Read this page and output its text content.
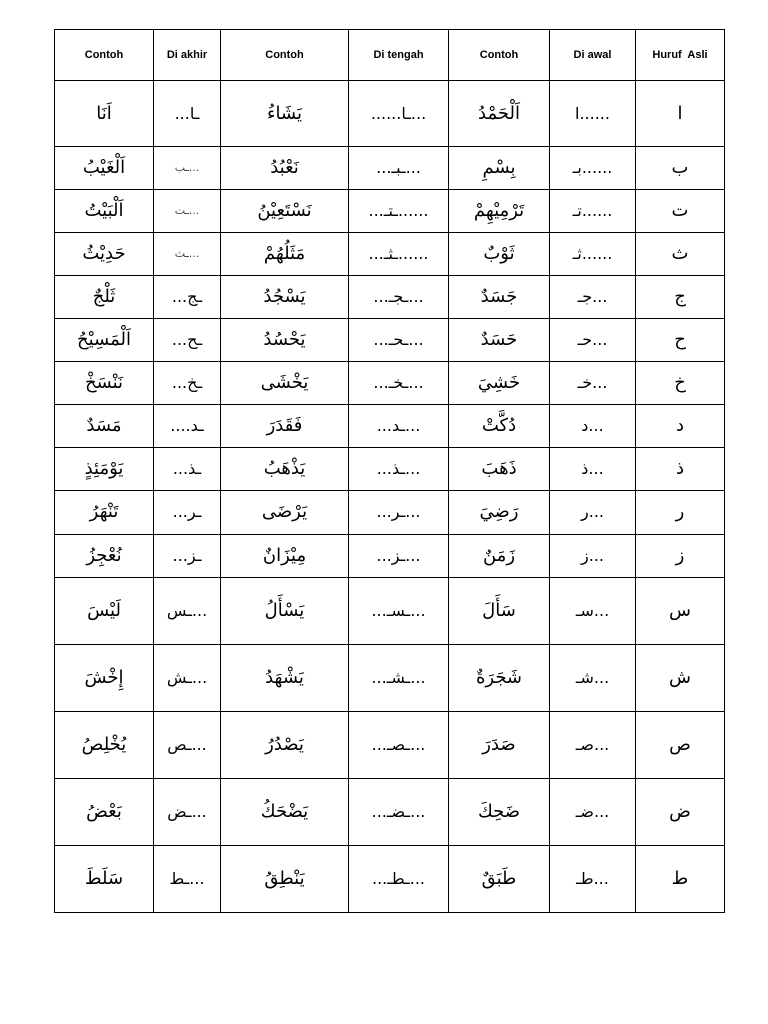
Contoh	Di akhir	Contoh	Di tengah	Contoh	Di awal	Huruf  Asli
اَنَا	ـا...	يَشَاءُ	...ـا......	اَلْحَمْدُ	......ا	ا
اَلْغَيْبُ	...ـب	نَعْبُدُ	...ـبـ...	بِسْمِ	......بـ	ب
اَلْبَيْتُ	...ـت	نَسْتَعِيْنُ	......ـتـ...	تَرْمِيْهِمْ	......تـ	ت
حَدِيْثُ	...ـث	مَثَلُهُمْ	......ـثـ...	ثَوْبٌ	......ثـ	ث
ثَلْجٌ	ـج...	يَسْجُدُ	...ـجـ...	جَسَدٌ	...جـ	ج
اَلْمَسِيْحُ	ـح...	يَحْسُدُ	...ـحـ...	حَسَدٌ	...حـ	ح
نَنْسَخْ	ـخ...	يَخْشَى	...ـخـ...	خَشِيَ	...خـ	خ
مَسَدٌ	ـد....	فَقَدَرَ	...ـد...	دُكَّتْ	...د	د
يَوْمَئِذٍ	ـذ...	يَذْهَبُ	...ـذ...	ذَهَبَ	...ذ	ذ
تَنْهَرُ	ـر...	يَرْضَى	...ـر...	رَضِيَ	...ر	ر
نُعْجِزُ	ـز...	مِيْزَانٌ	...ـز...	زَمَنٌ	...ز	ز
لَيْسَ	...ـس	يَسْأَلُ	...ـسـ...	سَأَلَ	...سـ	س
إِخْشَ	...ـش	يَشْهَدُ	...ـشـ...	شَجَرَةٌ	...شـ	ش
يُخْلِصُ	...ـص	يَصْدُرُ	...ـصـ...	صَدَرَ	...صـ	ص
بَعْضُ	...ـض	يَضْحَكُ	...ـضـ...	ضَحِكَ	...ضـ	ض
سَلَطَ	...ـط	يَنْطِقُ	...ـطـ...	طَبَقٌ	...طـ	ط
